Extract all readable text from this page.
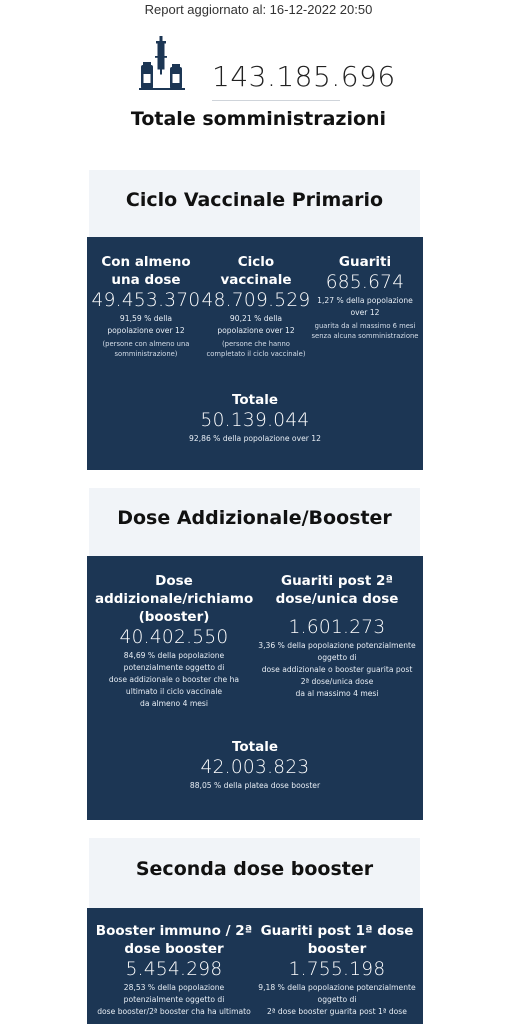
Report aggiornato al: 16-12-2022 20:50
143.185.696
Totale somministrazioni
Ciclo Vaccinale Primario
Con almeno
una dose
49.453.370
91,59 % della
popolazione over 12
(persone con almeno una
somministrazione)
Ciclo
vaccinale
48.709.529
90,21 % della
popolazione over 12
(persone che hanno
completato il ciclo vaccinale)
Guariti
685.674
1,27 % della popolazione
over 12
guarita da al massimo 6 mesi
senza alcuna somministrazione
Totale
50.139.044
92,86 % della popolazione over 12
Dose Addizionale/Booster
Dose
addizionale/richiamo
(booster)
40.402.550
84,69 % della popolazione
potenzialmente oggetto di
dose addizionale o booster che ha
ultimato il ciclo vaccinale
da almeno 4 mesi
Guariti post 2ª
dose/unica dose
1.601.273
3,36 % della popolazione potenzialmente
oggetto di
dose addizionale o booster guarita post
2ª dose/unica dose
da al massimo 4 mesi
Totale
42.003.823
88,05 % della platea dose booster
Seconda dose booster
Booster immuno / 2ª
dose booster
5.454.298
28,53 % della popolazione
potenzialmente oggetto di
dose booster/2ª booster cha ha ultimato
Guariti post 1ª dose
booster
1.755.198
9,18 % della popolazione potenzialmente
oggetto di
2ª dose booster guarita post 1ª dose
